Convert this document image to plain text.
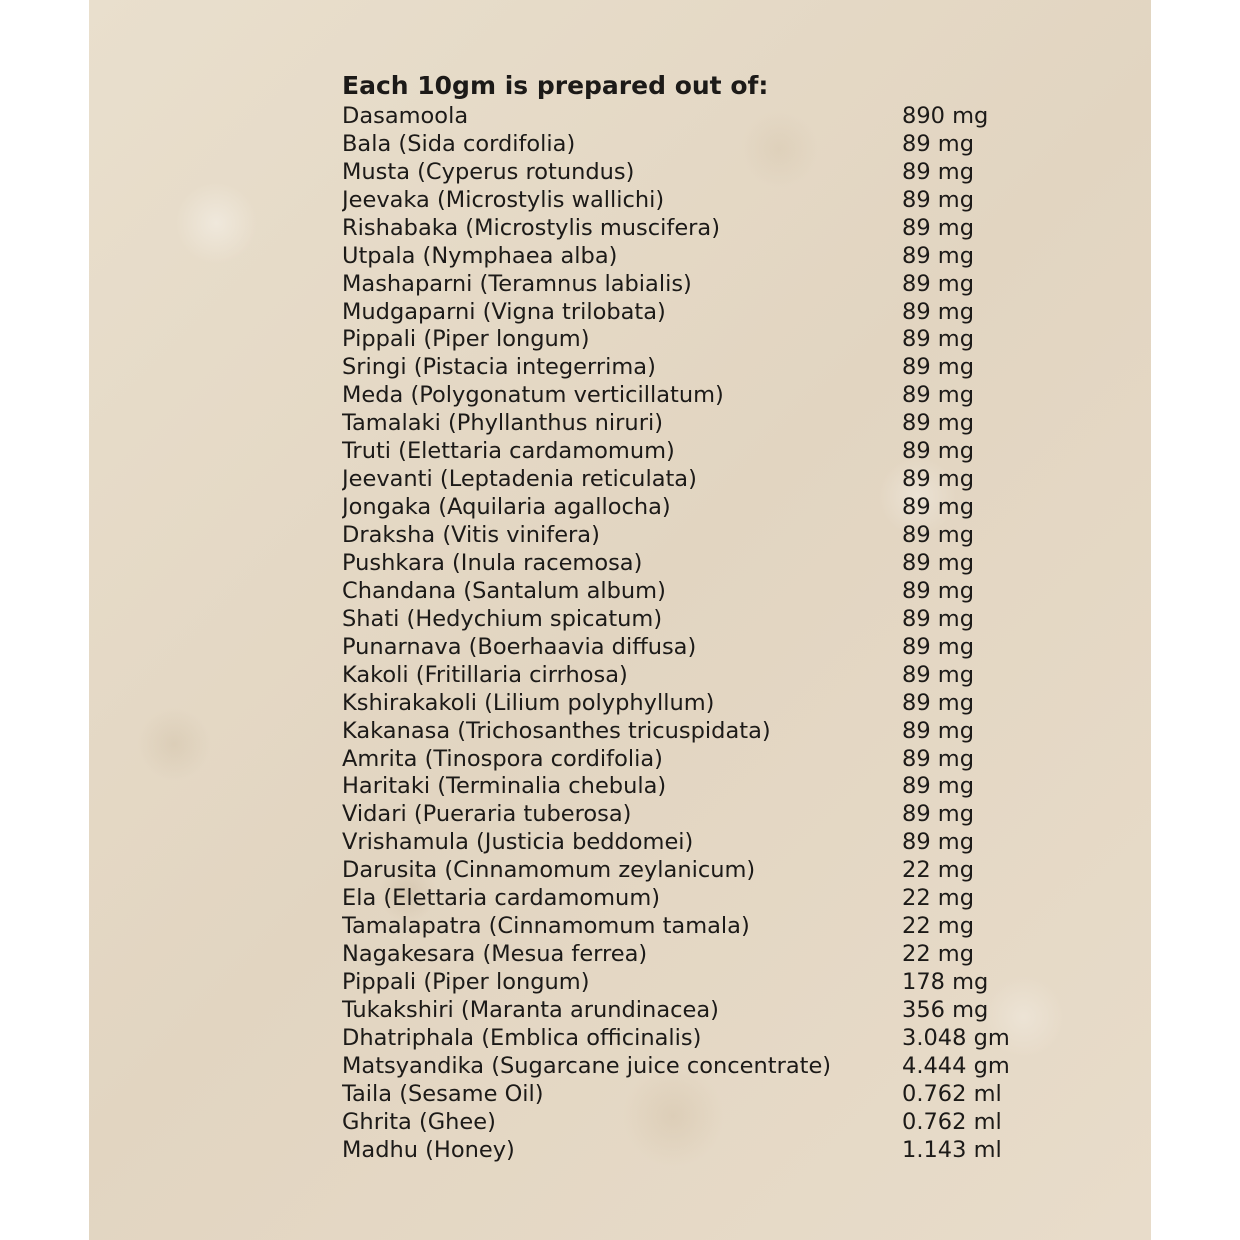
Each 10gm is prepared out of:
Dasamoola	890 mg
Bala (Sida cordifolia)	89 mg
Musta (Cyperus rotundus)	89 mg
Jeevaka (Microstylis wallichi)	89 mg
Rishabaka (Microstylis muscifera)	89 mg
Utpala (Nymphaea alba)	89 mg
Mashaparni (Teramnus labialis)	89 mg
Mudgaparni (Vigna trilobata)	89 mg
Pippali (Piper longum)	89 mg
Sringi (Pistacia integerrima)	89 mg
Meda (Polygonatum verticillatum)	89 mg
Tamalaki (Phyllanthus niruri)	89 mg
Truti (Elettaria cardamomum)	89 mg
Jeevanti (Leptadenia reticulata)	89 mg
Jongaka (Aquilaria agallocha)	89 mg
Draksha (Vitis vinifera)	89 mg
Pushkara (Inula racemosa)	89 mg
Chandana (Santalum album)	89 mg
Shati (Hedychium spicatum)	89 mg
Punarnava (Boerhaavia diffusa)	89 mg
Kakoli (Fritillaria cirrhosa)	89 mg
Kshirakakoli (Lilium polyphyllum)	89 mg
Kakanasa (Trichosanthes tricuspidata)	89 mg
Amrita (Tinospora cordifolia)	89 mg
Haritaki (Terminalia chebula)	89 mg
Vidari (Pueraria tuberosa)	89 mg
Vrishamula (Justicia beddomei)	89 mg
Darusita (Cinnamomum zeylanicum)	22 mg
Ela (Elettaria cardamomum)	22 mg
Tamalapatra (Cinnamomum tamala)	22 mg
Nagakesara (Mesua ferrea)	22 mg
Pippali (Piper longum)	178 mg
Tukakshiri (Maranta arundinacea)	356 mg
Dhatriphala (Emblica officinalis)	3.048 gm
Matsyandika (Sugarcane juice concentrate)	4.444 gm
Taila (Sesame Oil)	0.762 ml
Ghrita (Ghee)	0.762 ml
Madhu (Honey)	1.143 ml
